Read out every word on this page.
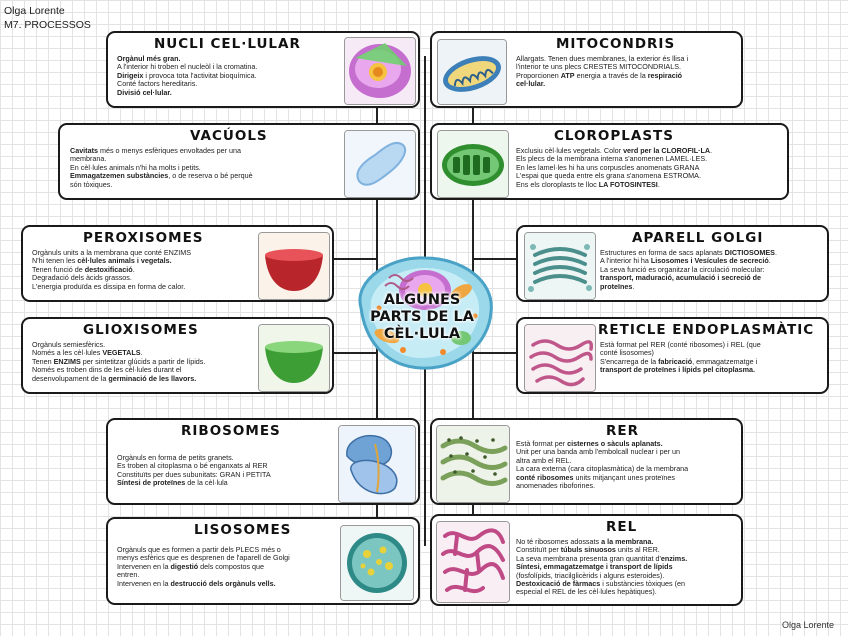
Olga Lorente
M7. PROCESSOS
NUCLI CEL·LULAR
Orgànul més gran.
A l'interior hi troben el nucleòl i la cromatina.
Dirigeix i provoca tota l'activitat bioquímica.
Conté factors hereditaris.
Divisió cel·lular.
MITOCONDRIS
Allargats. Tenen dues membranes, la exterior és llisa i
l'interior te uns plecs CRESTES MITOCONDRIALS.
Proporcionen ATP energia a través de la respiració
cel·lular.
VACÚOLS
Cavitats més o menys esfèriques envoltades per una
membrana.
En cèl·lules animals n'hi ha molts i petits.
Emmagatzemen substàncies, o de reserva o bé perquè
són tòxiques.
CLOROPLASTS
Exclusiu cèl·lules vegetals. Color verd per la CLOROFIL·LA.
Els plecs de la membrana interna s'anomenen LAMEL·LES.
En les lamel·les hi ha uns corpuscles anomenats GRANA
L'espai que queda entre els grana s'anomena ESTROMA.
Ens els cloroplasts te lloc LA FOTOSINTESI.
PEROXISOMES
Orgànuls units a la membrana que conté ENZIMS
N'hi tenen les cèl·lules animals i vegetals.
Tenen funció de destoxificació.
Degradació dels àcids grassos.
L'energia produïda es dissipa en forma de calor.
APARELL GOLGI
Estructures en forma de sacs aplanats DICTIOSOMES.
A l'interior hi ha Lisosomes i Vesícules de secreció.
La seva funció es organitzar la circulació molecular:
transport, maduració, acumulació i secreció de
proteïnes.
GLIOXISOMES
Orgànuls semiesfèrics.
Només a les cèl·lules VEGETALS.
Tenen ENZIMS per sintetitzar glúcids a partir de lípids.
Només es troben dins de les cèl·lules durant el
desenvolupament de la germinació de les llavors.
RETICLE ENDOPLASMÀTIC
Està format pel RER (conté ribosomes) i REL (que
conté lisosomes)
S'encarrega de la fabricació, emmagatzematge i
transport de proteïnes i lípids pel citoplasma.
RIBOSOMES
Orgànuls en forma de petits granets.
Es troben al citoplasma o bé enganxats al RER
Constituïts per dues subunitats: GRAN i PETITA
Síntesi de proteïnes de la cèl·lula
RER
Està format per cisternes o sàculs aplanats.
Unit per una banda amb l'embolcall nuclear i per un
altra amb el REL.
La cara externa (cara citoplasmàtica) de la membrana
conté ribosomes units mitjançant unes proteïnes
anomenades riboforines.
LISOSOMES
Orgànuls que es formen a partir dels PLECS més o
menys esfèrics que es desprenen de l'aparell de Golgi
Intervenen en la digestió dels compostos que
entren.
Intervenen en la destrucció dels orgànuls vells.
REL
No té ribosomes adossats a la membrana.
Constituït per túbuls sinuosos units al RER.
La seva membrana presenta gran quantitat d'enzims.
Síntesi, emmagatzematge i transport de lípids
(fosfolípids, triacilglicèrids i alguns esteroides).
Destoxicació de fàrmacs i substàncies tòxiques (en
especial el REL de les cèl·lules hepàtiques).
ALGUNES
PARTS DE LA
CÈL·LULA
Olga Lorente
